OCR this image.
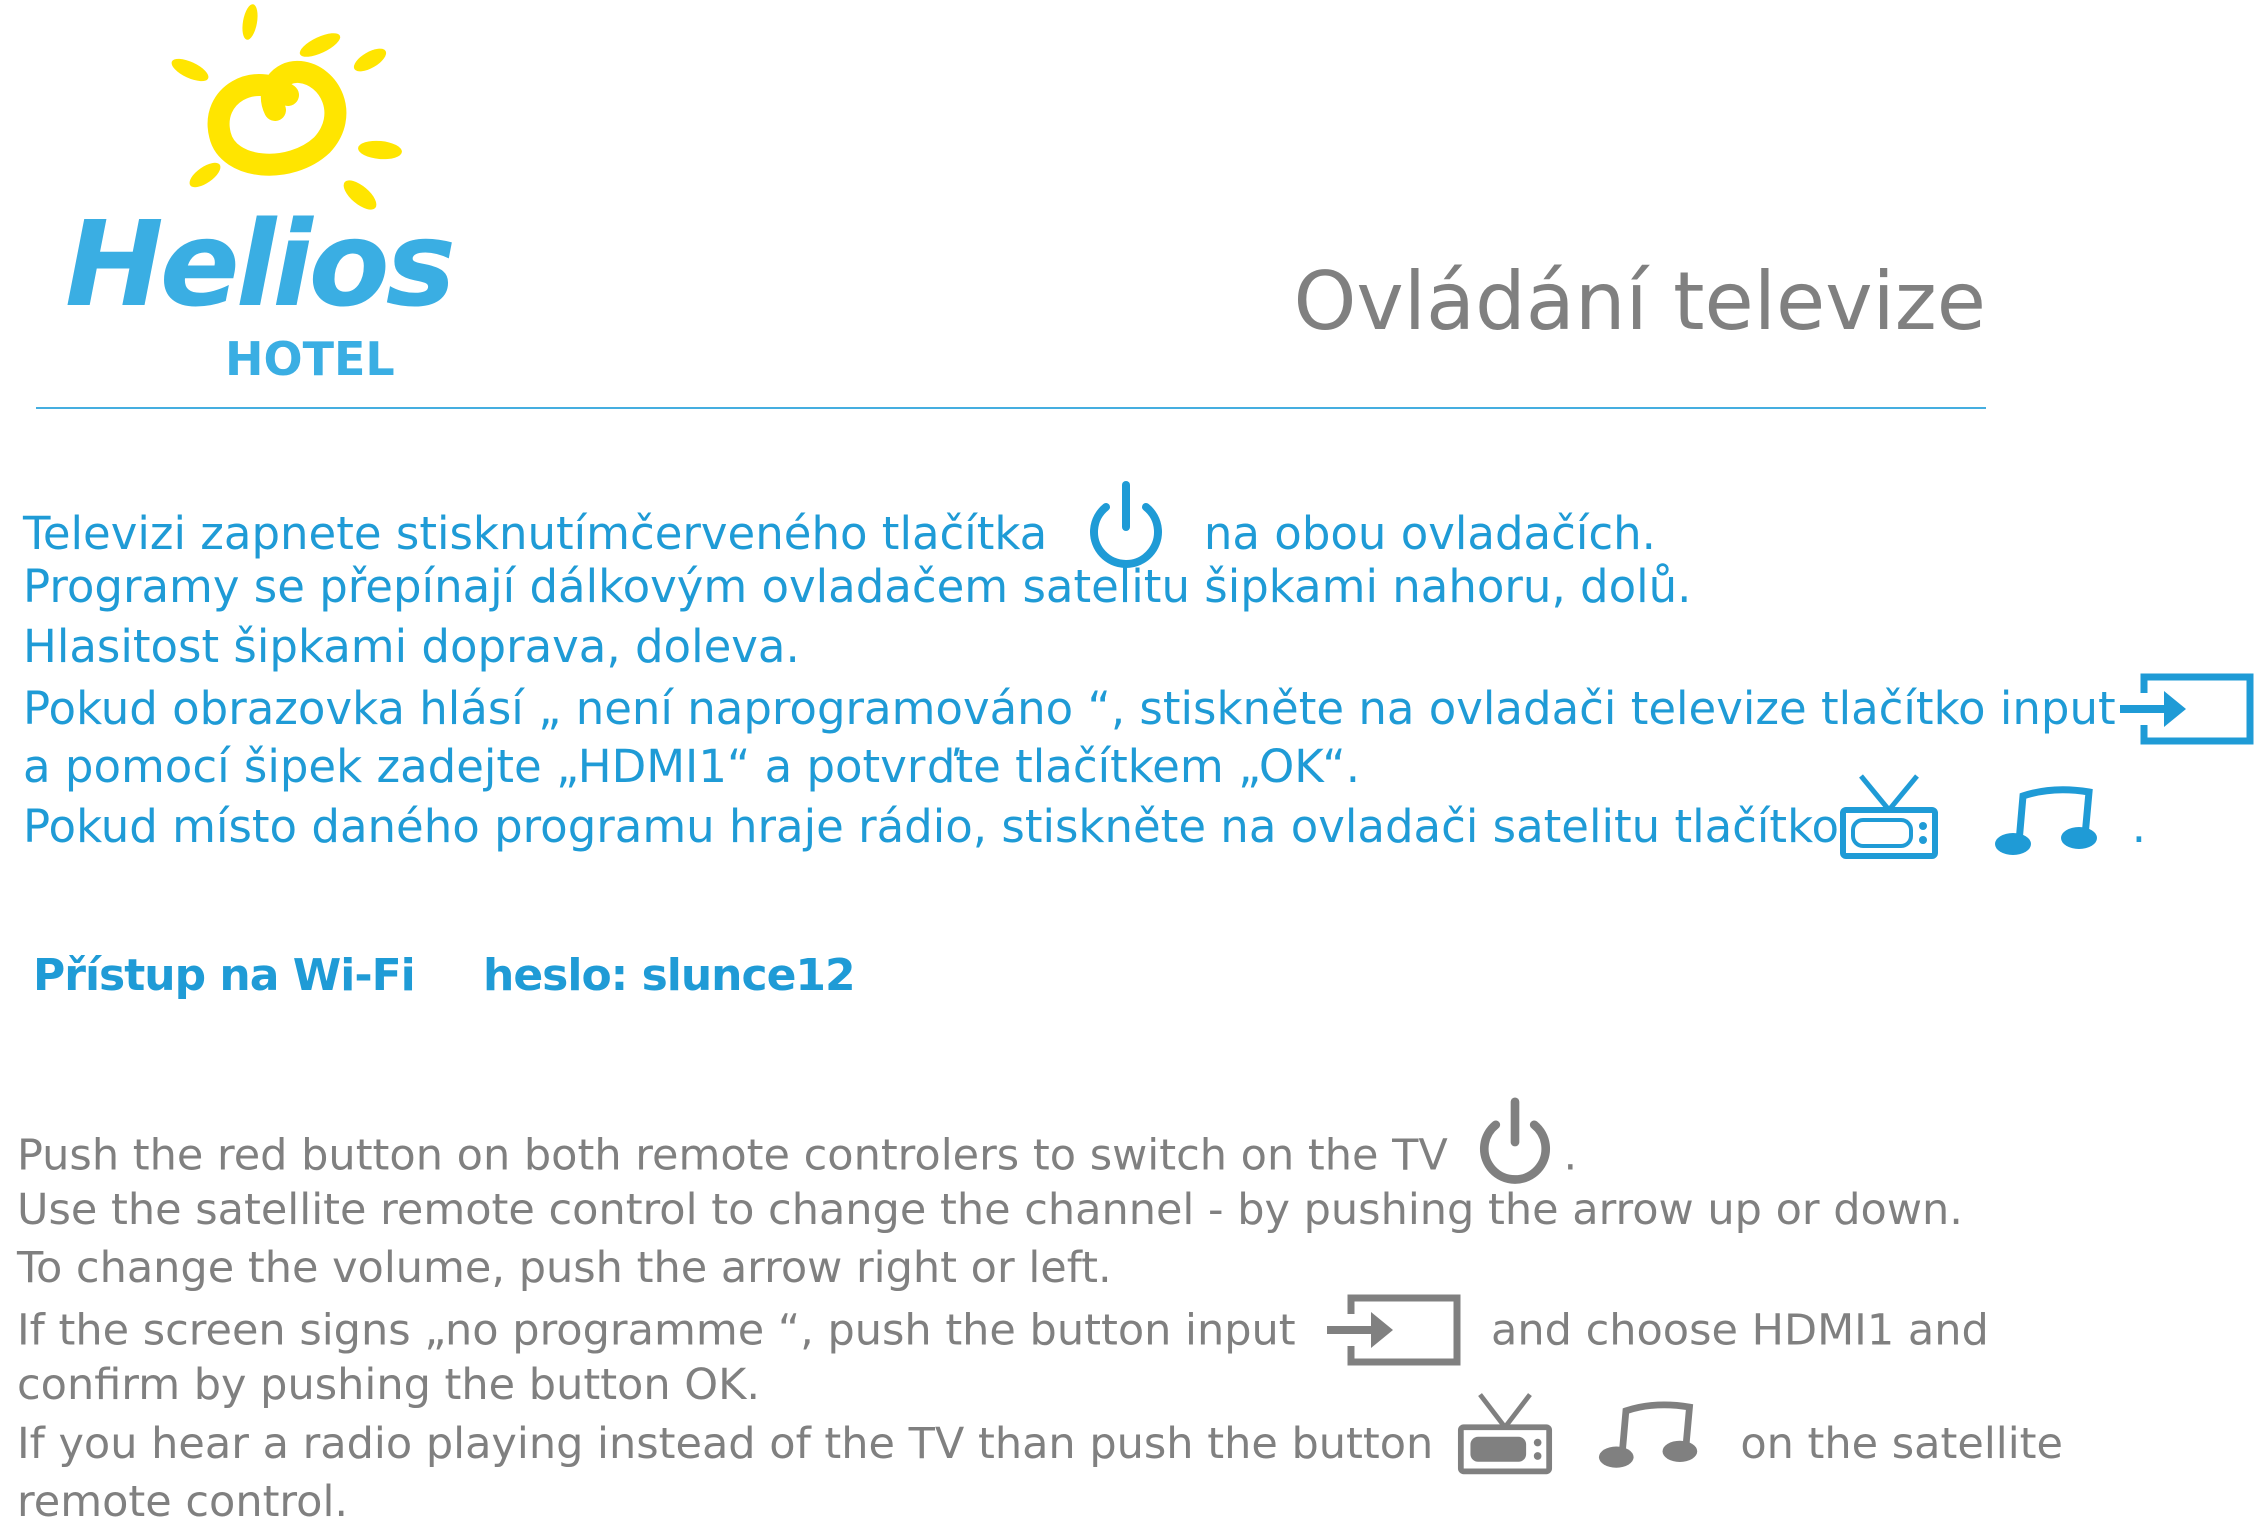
Helios
HOTEL
Ovládání televize
Televizi zapnete stisknutímčerveného tlačítka	na obou ovladačích.
Programy se přepínají dálkovým ovladačem satelitu šipkami nahoru, dolů.
Hlasitost šipkami doprava, doleva.
Pokud obrazovka hlásí „ není naprogramováno “, stiskněte na ovladači televize tlačítko input
a pomocí šipek zadejte „HDMI1“ a potvrďte tlačítkem „OK“.
Pokud místo daného programu hraje rádio, stiskněte na ovladači satelitu tlačítko	.
Přístup na Wi-Fi heslo: slunce12
Push the red button on both remote controlers to switch on the TV	.
Use the satellite remote control to change the channel - by pushing the arrow up or down.
To change the volume, push the arrow right or left.
If the screen signs „no programme “, push the button input	and choose HDMI1 and
confirm by pushing the button OK.
If you hear a radio playing instead of the TV than push the button	on the satellite
remote control.
